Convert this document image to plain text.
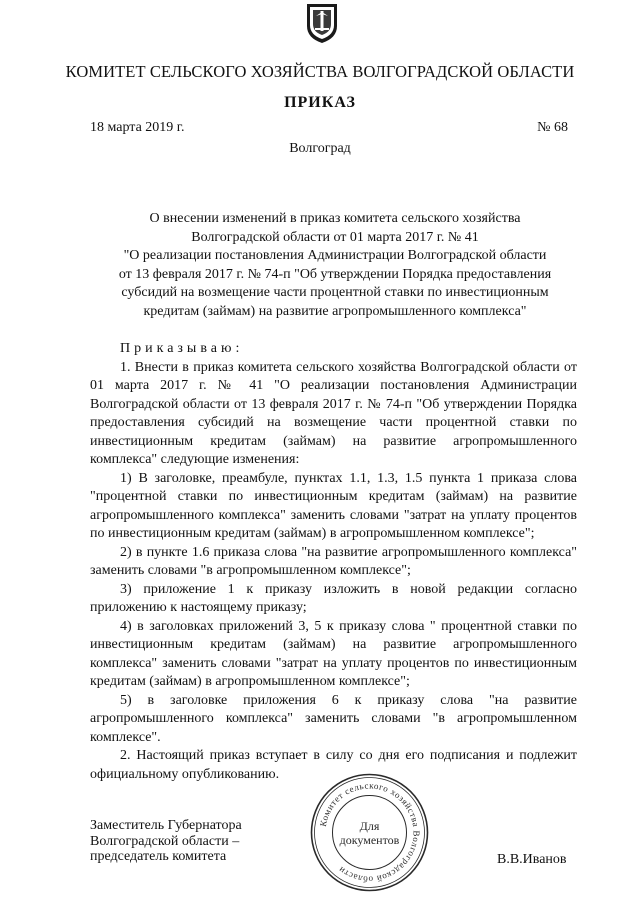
КОМИТЕТ СЕЛЬСКОГО ХОЗЯЙСТВА ВОЛГОГРАДСКОЙ ОБЛАСТИ
ПРИКАЗ
18 марта 2019 г.	№ 68
Волгоград
О внесении изменений в приказ комитета сельского хозяйства
Волгоградской области от 01 марта 2017 г. № 41
"О реализации постановления Администрации Волгоградской области
от 13 февраля 2017 г. № 74-п "Об утверждении Порядка предоставления
субсидий на возмещение части процентной ставки по инвестиционным
кредитам (займам) на развитие агропромышленного комплекса"
Приказываю:

1. Внести в приказ комитета сельского хозяйства Волгоградской области от 01 марта 2017 г. № 41 "О реализации постановления Администрации Волгоградской области от 13 февраля 2017 г. № 74-п "Об утверждении Порядка предоставления субсидий на возмещение части процентной ставки по инвестиционным кредитам (займам) на развитие агропромышленного комплекса" следующие изменения:

1) В заголовке, преамбуле, пунктах 1.1, 1.3, 1.5 пункта 1 приказа слова "процентной ставки по инвестиционным кредитам (займам) на развитие агропромышленного комплекса" заменить словами "затрат на уплату процентов по инвестиционным кредитам (займам) в агропромышленном комплексе";

2) в пункте 1.6 приказа слова "на развитие агропромышленного комплекса" заменить словами "в агропромышленном комплексе";

3) приложение 1 к приказу изложить в новой редакции согласно приложению к настоящему приказу;

4) в заголовках приложений 3, 5 к приказу слова " процентной ставки по инвестиционным кредитам (займам) на развитие агропромышленного комплекса" заменить словами "затрат на уплату процентов по инвестиционным кредитам (займам) в агропромышленном комплексе";

5) в заголовке приложения 6 к приказу слова "на развитие агропромышленного комплекса" заменить словами "в агропромышленном комплексе".

2. Настоящий приказ вступает в силу со дня его подписания и подлежит официальному опубликованию.

Заместитель Губернатора
Волгоградской области –
председатель комитета	В.В.Иванов
Комитет сельского хозяйства Волгоградской области
Для
документов
